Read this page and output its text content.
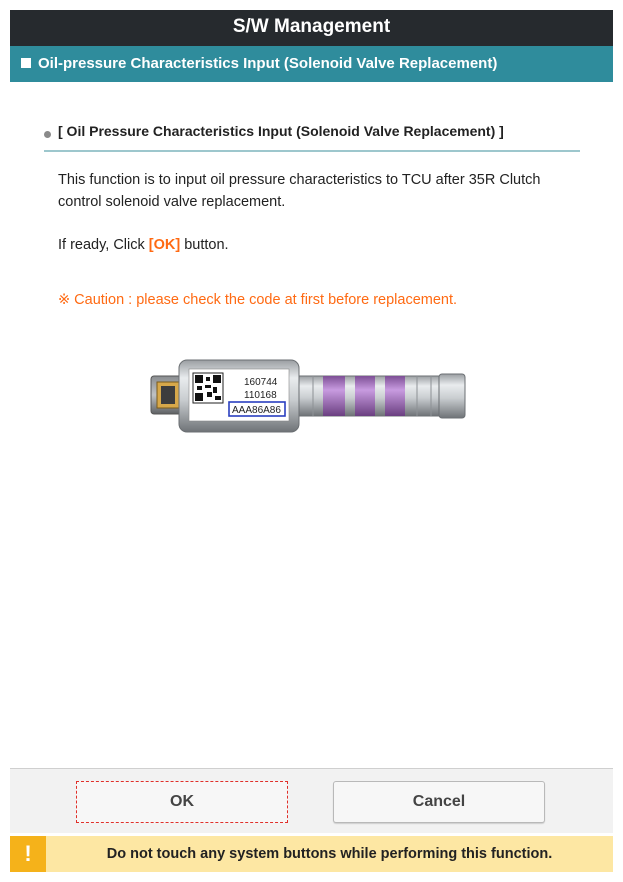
S/W Management
Oil-pressure Characteristics Input (Solenoid Valve Replacement)
[ Oil Pressure Characteristics Input (Solenoid Valve Replacement) ]
This function is to input oil pressure characteristics to TCU after 35R Clutch
control solenoid valve replacement.
If ready, Click [OK] button.
※ Caution : please check the code at first before replacement.
160744
110168
AAA86A86
OK	Cancel
!	Do not touch any system buttons while performing this function.
